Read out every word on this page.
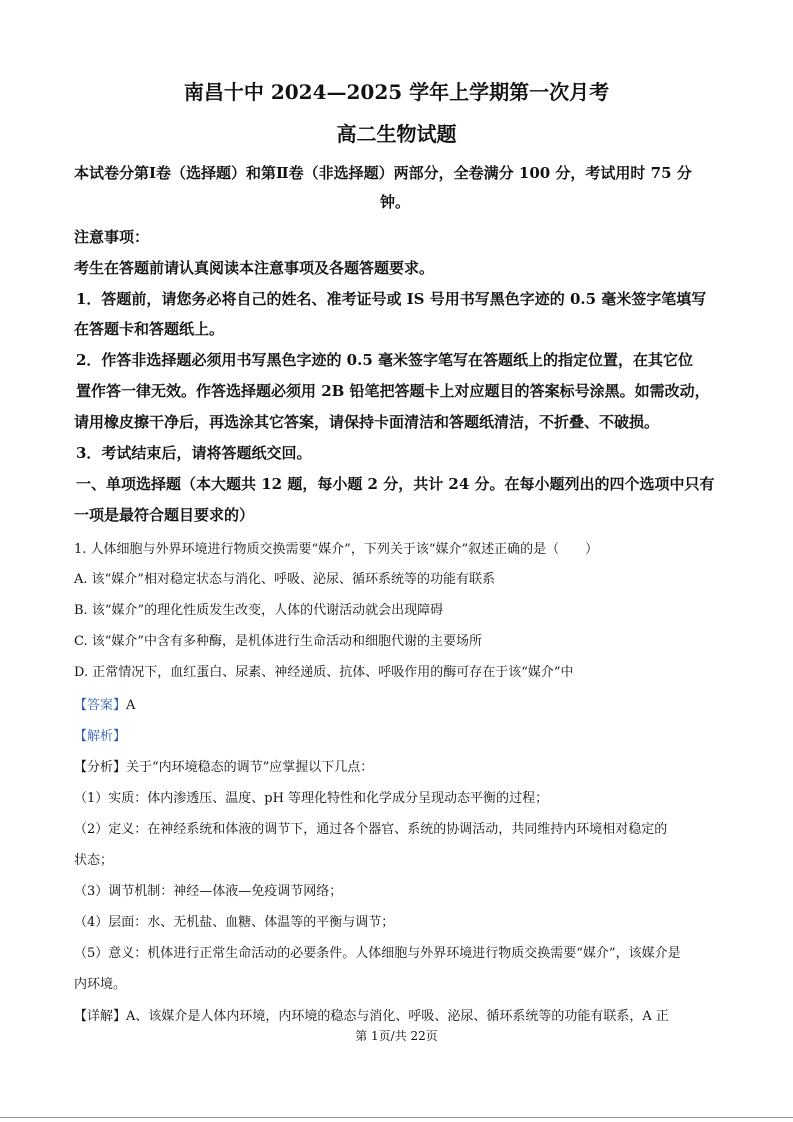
南昌十中 2024—2025 学年上学期第一次月考
高二生物试题
本试卷分第Ⅰ卷（选择题）和第Ⅱ卷（非选择题）两部分，全卷满分 100 分，考试用时 75 分
钟。
注意事项：
考生在答题前请认真阅读本注意事项及各题答题要求。
1．答题前，请您务必将自己的姓名、准考证号或 IS 号用书写黑色字迹的 0.5 毫米签字笔填写
在答题卡和答题纸上。
2．作答非选择题必须用书写黑色字迹的 0.5 毫米签字笔写在答题纸上的指定位置，在其它位
置作答一律无效。作答选择题必须用 2B 铅笔把答题卡上对应题目的答案标号涂黑。如需改动，
请用橡皮擦干净后，再选涂其它答案，请保持卡面清洁和答题纸清洁，不折叠、不破损。
3．考试结束后，请将答题纸交回。
一、单项选择题（本大题共 12 题，每小题 2 分，共计 24 分。在每小题列出的四个选项中只有
一项是最符合题目要求的）
1. 人体细胞与外界环境进行物质交换需要“媒介”，下列关于该“媒介”叙述正确的是（　　）
A. 该“媒介”相对稳定状态与消化、呼吸、泌尿、循环系统等的功能有联系
B. 该“媒介”的理化性质发生改变，人体的代谢活动就会出现障碍
C. 该“媒介”中含有多种酶，是机体进行生命活动和细胞代谢的主要场所
D. 正常情况下，血红蛋白、尿素、神经递质、抗体、呼吸作用的酶可存在于该“媒介”中
【答案】A
【解析】
【分析】关于“内环境稳态的调节”应掌握以下几点：
（1）实质：体内渗透压、温度、pH 等理化特性和化学成分呈现动态平衡的过程；
（2）定义：在神经系统和体液的调节下，通过各个器官、系统的协调活动，共同维持内环境相对稳定的
状态；
（3）调节机制：神经—体液—免疫调节网络；
（4）层面：水、无机盐、血糖、体温等的平衡与调节；
（5）意义：机体进行正常生命活动的必要条件。人体细胞与外界环境进行物质交换需要“媒介”，该媒介是
内环境。
【详解】A、该媒介是人体内环境，内环境的稳态与消化、呼吸、泌尿、循环系统等的功能有联系，A 正
第 1页/共 22页
